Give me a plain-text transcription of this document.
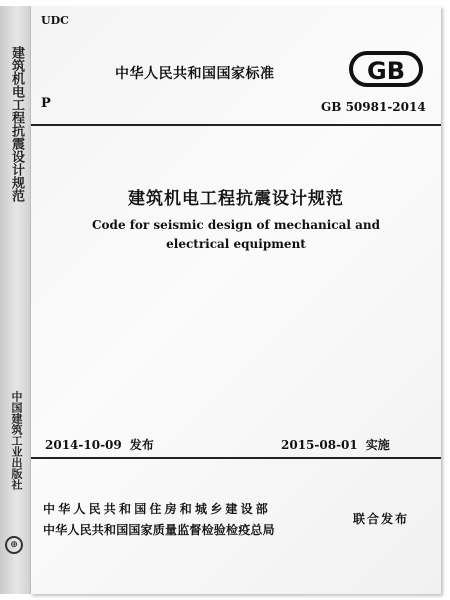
建筑机电工程抗震设计规范
中国建筑工业出版社
⊕
UDC
中华人民共和国国家标准	GB
P	GB 50981-2014
建筑机电工程抗震设计规范
Code for seismic design of mechanical and
electrical equipment
2014-10-09 发布	2015-08-01 实施
中华人民共和国住房和城乡建设部
中华人民共和国国家质量监督检验检疫总局
联合发布
